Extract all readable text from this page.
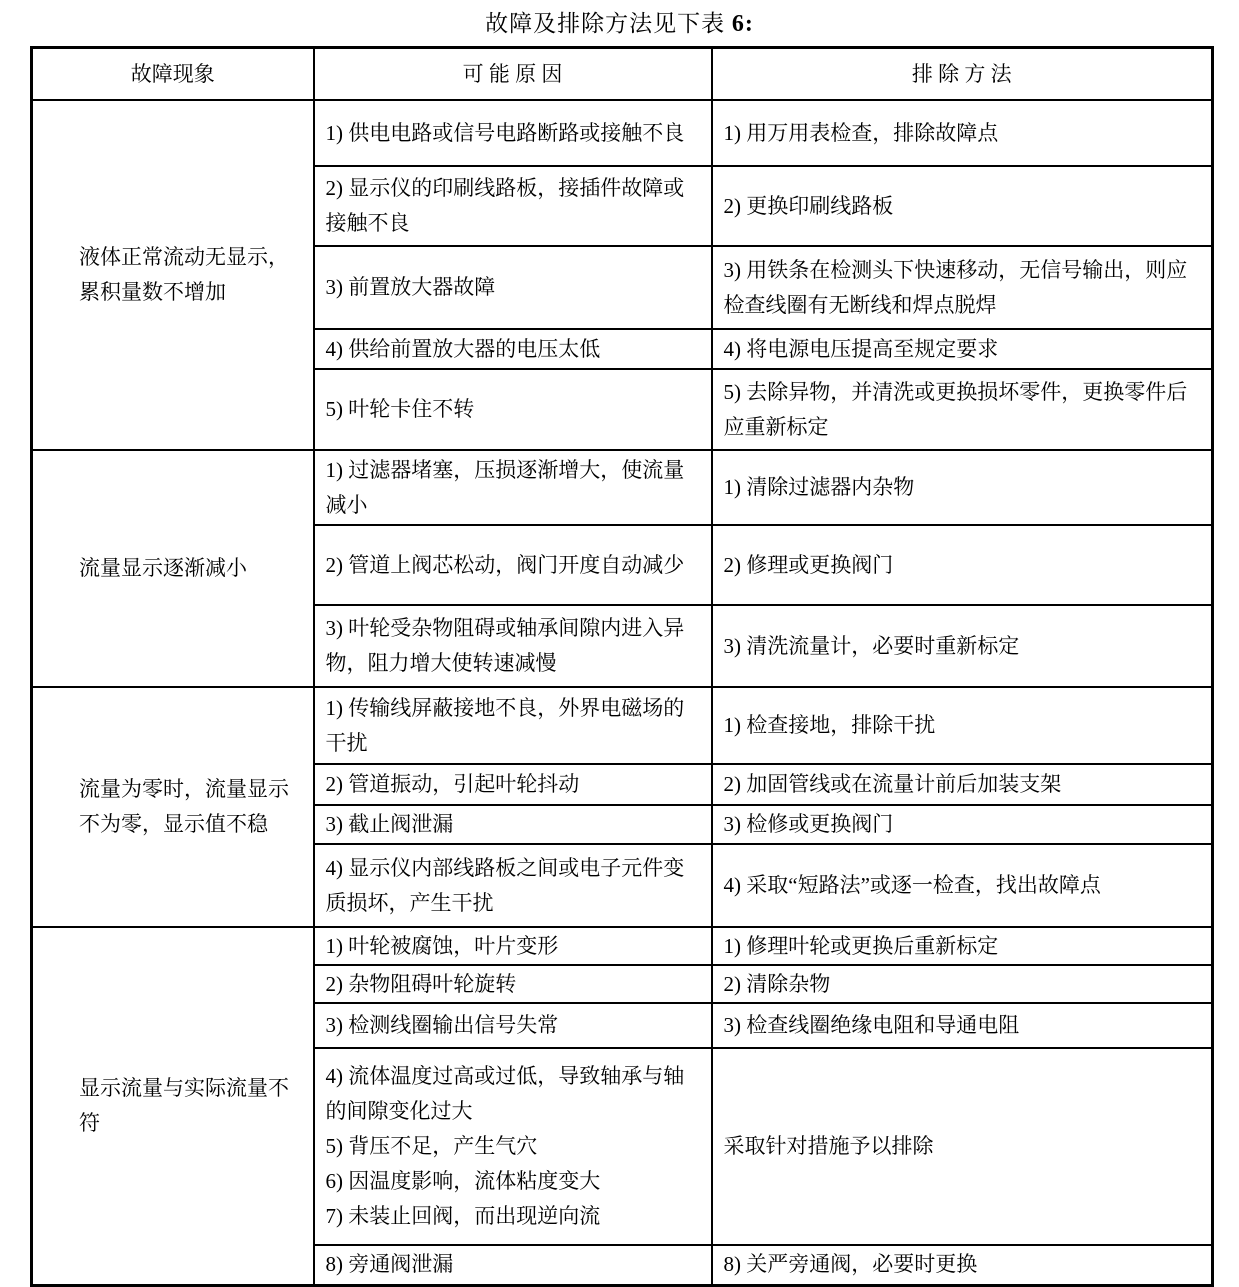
故障及排除方法见下表 6:
故障现象	可 能 原 因	排 除 方 法
液体正常流动无显示，累积量数不增加	1) 供电电路或信号电路断路或接触不良	1) 用万用表检查，排除故障点
	2) 显示仪的印刷线路板，接插件故障或接触不良	2) 更换印刷线路板
	3) 前置放大器故障	3) 用铁条在检测头下快速移动，无信号输出，则应检查线圈有无断线和焊点脱焊
	4) 供给前置放大器的电压太低	4) 将电源电压提高至规定要求
	5) 叶轮卡住不转	5) 去除异物，并清洗或更换损坏零件，更换零件后应重新标定
流量显示逐渐减小	1) 过滤器堵塞，压损逐渐增大，使流量减小	1) 清除过滤器内杂物
	2) 管道上阀芯松动，阀门开度自动减少	2) 修理或更换阀门
	3) 叶轮受杂物阻碍或轴承间隙内进入异物，阻力增大使转速减慢	3) 清洗流量计，必要时重新标定
流量为零时，流量显示不为零，显示值不稳	1) 传输线屏蔽接地不良，外界电磁场的干扰	1) 检查接地，排除干扰
	2) 管道振动，引起叶轮抖动	2) 加固管线或在流量计前后加装支架
	3) 截止阀泄漏	3) 检修或更换阀门
	4) 显示仪内部线路板之间或电子元件变质损坏，产生干扰	4) 采取“短路法”或逐一检查，找出故障点
显示流量与实际流量不符	1) 叶轮被腐蚀，叶片变形	1) 修理叶轮或更换后重新标定
	2) 杂物阻碍叶轮旋转	2) 清除杂物
	3) 检测线圈输出信号失常	3) 检查线圈绝缘电阻和导通电阻

	4) 流体温度过高或过低，导致轴承与轴的间隙变化过大
5) 背压不足，产生气穴
6) 因温度影响，流体粘度变大
7) 未装止回阀，而出现逆向流	采取针对措施予以排除
	8) 旁通阀泄漏	8) 关严旁通阀，必要时更换
